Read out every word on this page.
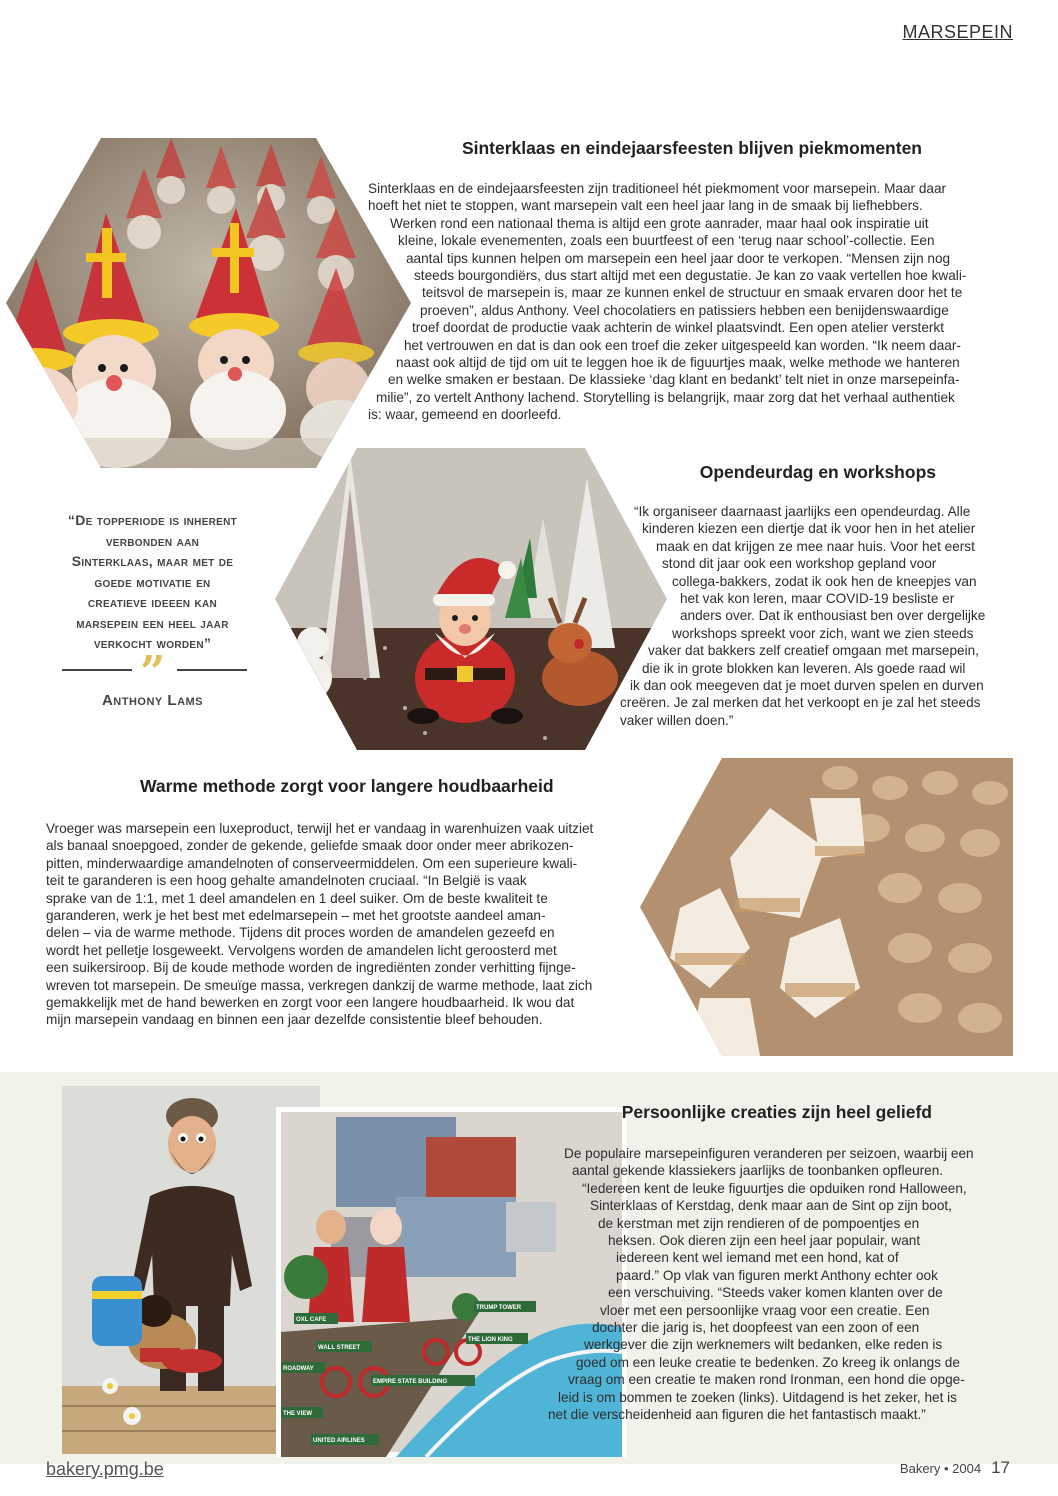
MARSEPEIN
Sinterklaas en eindejaarsfeesten blijven piekmomenten

Sinterklaas en de eindejaarsfeesten zijn traditioneel hét piekmoment voor marsepein. Maar daar

hoeft het niet te stoppen, want marsepein valt een heel jaar lang in de smaak bij liefhebbers.

Werken rond een nationaal thema is altijd een grote aanrader, maar haal ook inspiratie uit

kleine, lokale evenementen, zoals een buurtfeest of een ‘terug naar school’-collectie. Een

aantal tips kunnen helpen om marsepein een heel jaar door te verkopen. “Mensen zijn nog

steeds bourgondiërs, dus start altijd met een degustatie. Je kan zo vaak vertellen hoe kwali-

teitsvol de marsepein is, maar ze kunnen enkel de structuur en smaak ervaren door het te

proeven”, aldus Anthony. Veel chocolatiers en patissiers hebben een benijdenswaardige

troef doordat de productie vaak achterin de winkel plaatsvindt. Een open atelier versterkt

het vertrouwen en dat is dan ook een troef die zeker uitgespeeld kan worden. “Ik neem daar-

naast ook altijd de tijd om uit te leggen hoe ik de figuurtjes maak, welke methode we hanteren

en welke smaken er bestaan. De klassieke ‘dag klant en bedankt’ telt niet in onze marsepeinfa-

milie”, zo vertelt Anthony lachend. Storytelling is belangrijk, maar zorg dat het verhaal authentiek

is: waar, gemeend en doorleefd.

“De topperiode is inherent
verbonden aan
Sinterklaas, maar met de
goede motivatie en
creatieve ideeen kan
marsepein een heel jaar
verkocht worden”
”
Anthony Lams
Opendeurdag en workshops

“Ik organiseer daarnaast jaarlijks een opendeurdag. Alle

kinderen kiezen een diertje dat ik voor hen in het atelier

maak en dat krijgen ze mee naar huis. Voor het eerst

stond dit jaar ook een workshop gepland voor

collega-bakkers, zodat ik ook hen de kneepjes van

het vak kon leren, maar COVID-19 besliste er

anders over. Dat ik enthousiast ben over dergelijke

workshops spreekt voor zich, want we zien steeds

vaker dat bakkers zelf creatief omgaan met marsepein,

die ik in grote blokken kan leveren. Als goede raad wil

ik dan ook meegeven dat je moet durven spelen en durven

creëren. Je zal merken dat het verkoopt en je zal het steeds

vaker willen doen.”

Warme methode zorgt voor langere houdbaarheid

Vroeger was marsepein een luxeproduct, terwijl het er vandaag in warenhuizen vaak uitziet

als banaal snoepgoed, zonder de gekende, geliefde smaak door onder meer abrikozen-

pitten, minderwaardige amandelnoten of conserveermiddelen. Om een superieure kwali-

teit te garanderen is een hoog gehalte amandelnoten cruciaal. “In België is vaak

sprake van de 1:1, met 1 deel amandelen en 1 deel suiker. Om de beste kwaliteit te

garanderen, werk je het best met edelmarsepein – met het grootste aandeel aman-

delen – via de warme methode. Tijdens dit proces worden de amandelen gezeefd en

wordt het pelletje losgeweekt. Vervolgens worden de amandelen licht geroosterd met

een suikersiroop. Bij de koude methode worden de ingrediënten zonder verhitting fijnge-

wreven tot marsepein. De smeuïge massa, verkregen dankzij de warme methode, laat zich

gemakkelijk met de hand bewerken en zorgt voor een langere houdbaarheid. Ik wou dat

mijn marsepein vandaag en binnen een jaar dezelfde consistentie bleef behouden.

OXL CAFE
WALL STREET
ROADWAY
THE VIEW
UNITED AIRLINES
EMPIRE STATE BUILDING
THE LION KING
TRUMP TOWER
Persoonlijke creaties zijn heel geliefd

De populaire marsepeinfiguren veranderen per seizoen, waarbij een

aantal gekende klassiekers jaarlijks de toonbanken opfleuren.

“Iedereen kent de leuke figuurtjes die opduiken rond Halloween,

Sinterklaas of Kerstdag, denk maar aan de Sint op zijn boot,

de kerstman met zijn rendieren of de pompoentjes en

heksen. Ook dieren zijn een heel jaar populair, want

iedereen kent wel iemand met een hond, kat of

paard.” Op vlak van figuren merkt Anthony echter ook

een verschuiving. “Steeds vaker komen klanten over de

vloer met een persoonlijke vraag voor een creatie. Een

dochter die jarig is, het doopfeest van een zoon of een

werkgever die zijn werknemers wilt bedanken, elke reden is

goed om een leuke creatie te bedenken. Zo kreeg ik onlangs de

vraag om een creatie te maken rond Ironman, een hond die opge-

leid is om bommen te zoeken (links). Uitdagend is het zeker, het is

net die verscheidenheid aan figuren die het fantastisch maakt.”

bakery.pmg.be	Bakery • 2004 17
